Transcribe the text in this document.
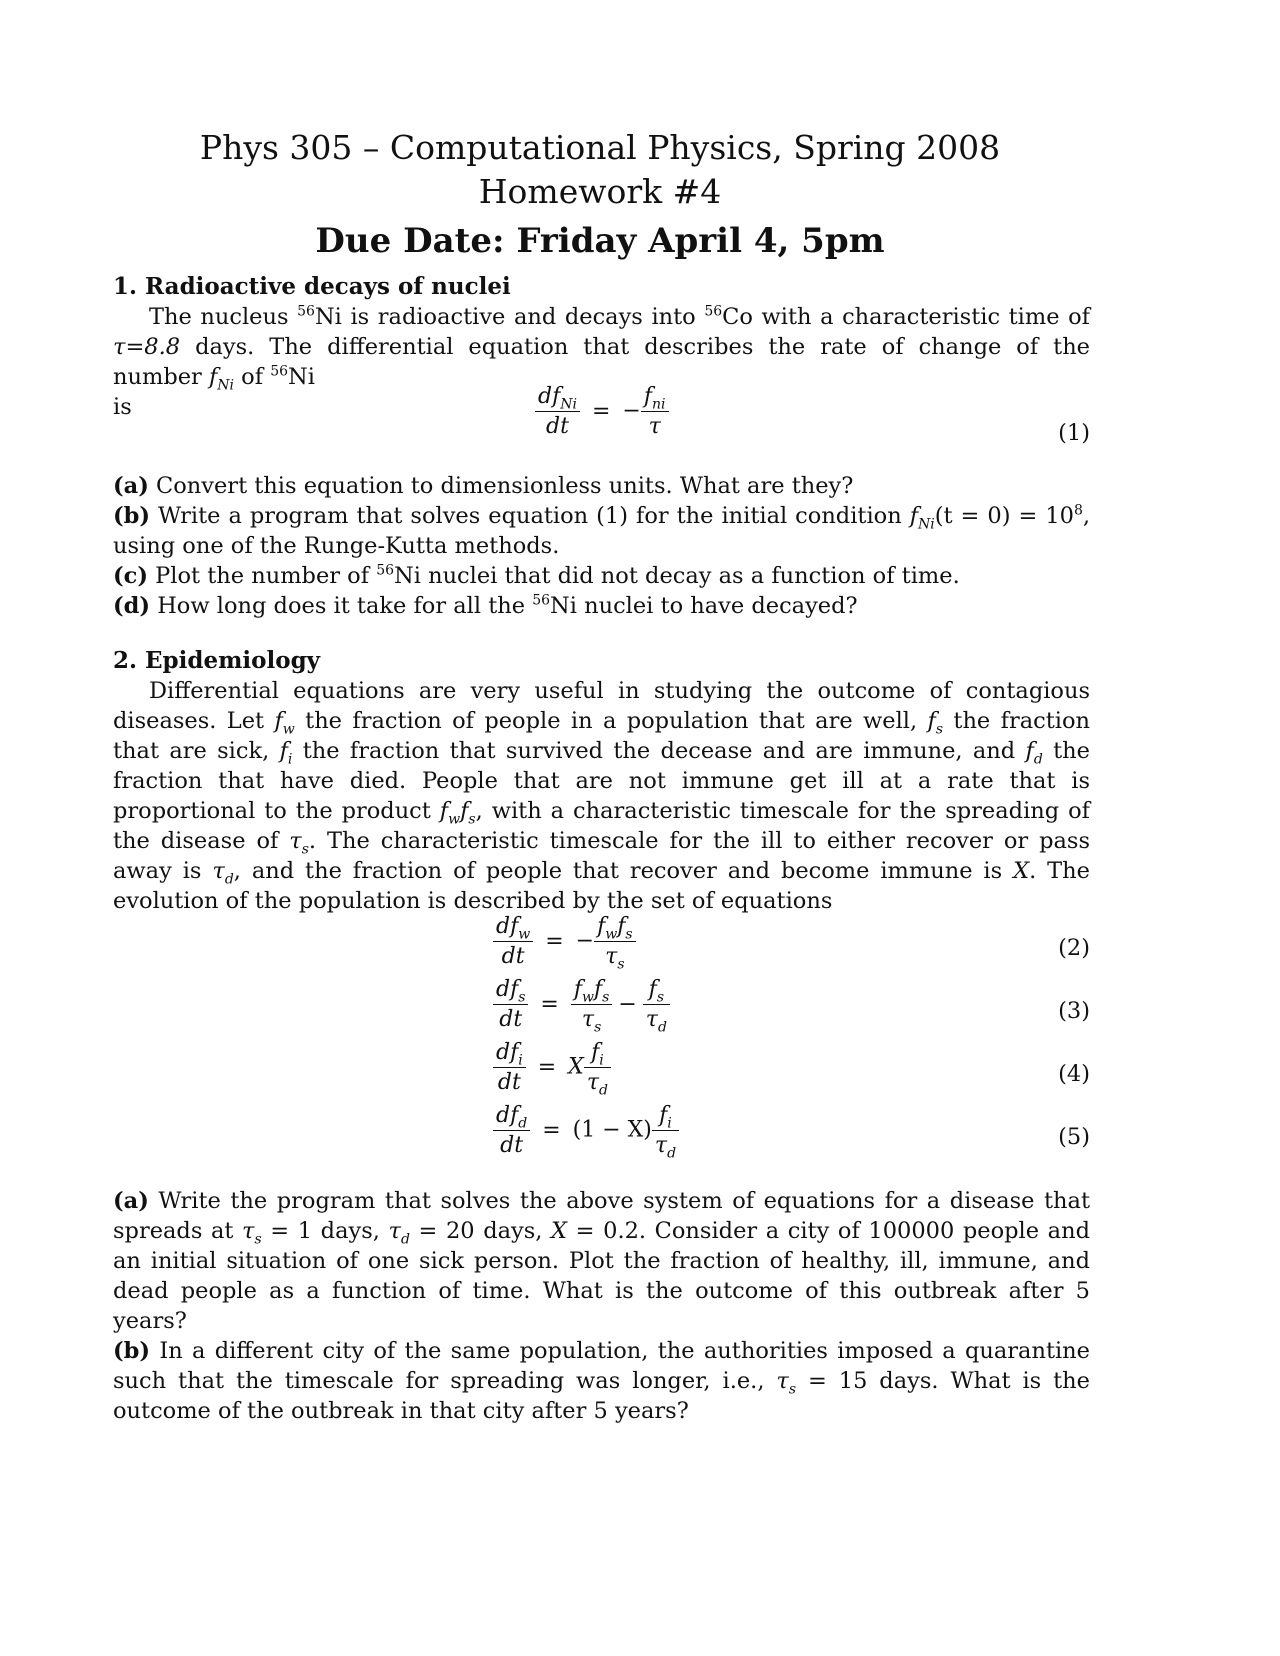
Phys 305 – Computational Physics, Spring 2008
Homework #4
Due Date: Friday April 4, 5pm
1. Radioactive decays of nuclei
The nucleus $^{56}$Ni is radioactive and decays into $^{56}$Co with a characteristic time of τ=8.8 days. The differential equation that describes the rate of change of the number $f_{Ni}$ of $^{56}$Ni
is	$\frac{df_{Ni}}{dt}$ = − $\frac{f_{ni}}{\tau}$	(1)
(a) Convert this equation to dimensionless units. What are they?
(b) Write a program that solves equation (1) for the initial condition $f_{Ni}(t = 0) = 10^8$, using one of the Runge-Kutta methods.
(c) Plot the number of $^{56}$Ni nuclei that did not decay as a function of time.
(d) How long does it take for all the $^{56}$Ni nuclei to have decayed?
2. Epidemiology
Differential equations are very useful in studying the outcome of contagious diseases. Let $f_w$ the fraction of people in a population that are well, $f_s$ the fraction that are sick, $f_i$ the fraction that survived the decease and are immune, and $f_d$ the fraction that have died. People that are not immune get ill at a rate that is proportional to the product $f_wf_s$, with a characteristic timescale for the spreading of the disease of $\tau_s$. The characteristic timescale for the ill to either recover or pass away is $\tau_d$, and the fraction of people that recover and become immune is X. The evolution of the population is described by the set of equations
$\frac{df_w}{dt}$ = − $\frac{f_wf_s}{\tau_s}$	(2)
$\frac{df_s}{dt} = \frac{f_wf_s}{\tau_s} - \frac{f_s}{\tau_d}$	(3)
$\frac{df_i}{dt} = X \frac{f_i}{\tau_d}$	(4)
$\frac{df_d}{dt} = (1 - X) \frac{f_i}{\tau_d}$	(5)
(a) Write the program that solves the above system of equations for a disease that spreads at $\tau_s = 1$ days, $\tau_d = 20$ days, X = 0.2. Consider a city of 100000 people and an initial situation of one sick person. Plot the fraction of healthy, ill, immune, and dead people as a function of time. What is the outcome of this outbreak after 5 years?
(b) In a different city of the same population, the authorities imposed a quarantine such that the timescale for spreading was longer, i.e., $\tau_s = 15$ days. What is the outcome of the outbreak in that city after 5 years?
